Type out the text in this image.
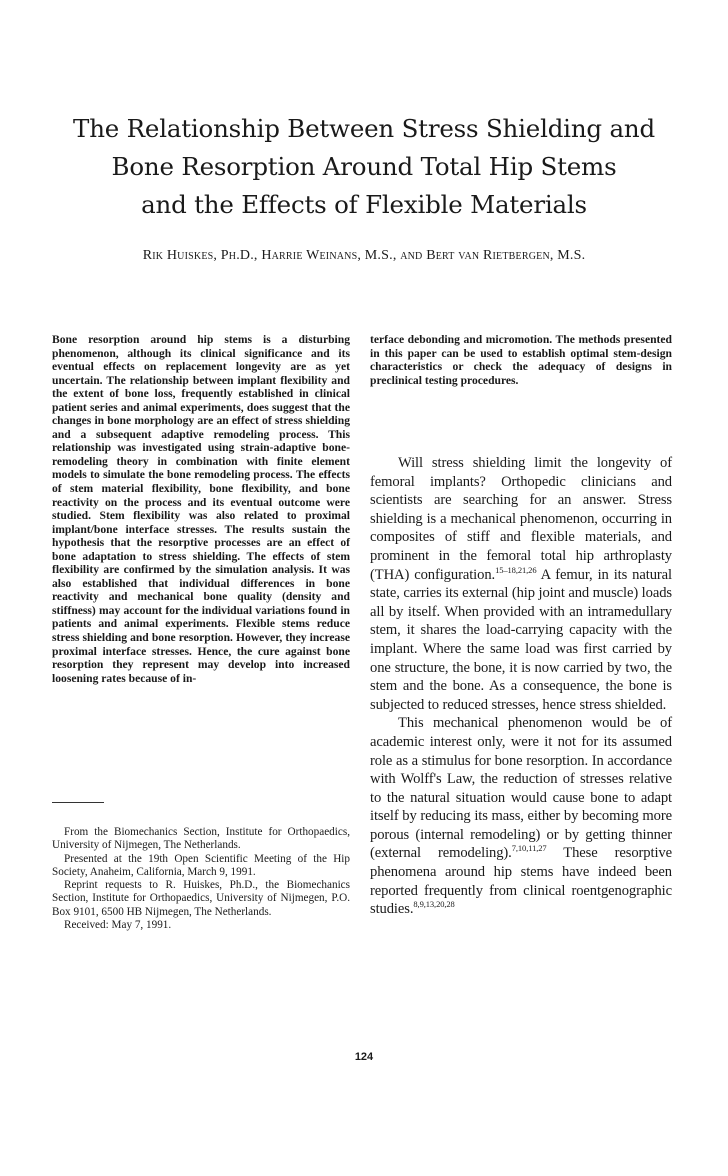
The Relationship Between Stress Shielding and
Bone Resorption Around Total Hip Stems
and the Effects of Flexible Materials
Rik Huiskes, Ph.D., Harrie Weinans, M.S., and Bert van Rietbergen, M.S.
Bone resorption around hip stems is a disturbing phenomenon, although its clinical significance and its eventual effects on replacement longevity are as yet uncertain. The relationship between implant flexibility and the extent of bone loss, frequently established in clinical patient series and animal experiments, does suggest that the changes in bone morphology are an effect of stress shielding and a subsequent adaptive remodeling process. This relationship was investigated using strain-adaptive bone-remodeling theory in combination with finite element models to simulate the bone remodeling process. The effects of stem material flexibility, bone flexibility, and bone reactivity on the process and its eventual outcome were studied. Stem flexibility was also related to proximal implant/bone interface stresses. The results sustain the hypothesis that the resorptive processes are an effect of bone adaptation to stress shielding. The effects of stem flexibility are confirmed by the simulation analysis. It was also established that individual differences in bone reactivity and mechanical bone quality (density and stiffness) may account for the individual variations found in patients and animal experiments. Flexible stems reduce stress shielding and bone resorption. However, they increase proximal interface stresses. Hence, the cure against bone resorption they represent may develop into increased loosening rates because of in-
terface debonding and micromotion. The methods presented in this paper can be used to establish optimal stem-design characteristics or check the adequacy of designs in preclinical testing procedures.

Will stress shielding limit the longevity of femoral implants? Orthopedic clinicians and scientists are searching for an answer. Stress shielding is a mechanical phenomenon, occurring in composites of stiff and flexible materials, and prominent in the femoral total hip arthroplasty (THA) configuration.$^{15-18,21,26}$ A femur, in its natural state, carries its external (hip joint and muscle) loads all by itself. When provided with an intramedullary stem, it shares the load-carrying capacity with the implant. Where the same load was first carried by one structure, the bone, it is now carried by two, the stem and the bone. As a consequence, the bone is subjected to reduced stresses, hence stress shielded.

This mechanical phenomenon would be of academic interest only, were it not for its assumed role as a stimulus for bone resorption. In accordance with Wolff's Law, the reduction of stresses relative to the natural situation would cause bone to adapt itself by reducing its mass, either by becoming more porous (internal remodeling) or by getting thinner (external remodeling).$^{7,10,11,27}$ These resorptive phenomena around hip stems have indeed been reported frequently from clinical roentgenographic studies.$^{8,9,13,20,28}$

From the Biomechanics Section, Institute for Orthopaedics, University of Nijmegen, The Netherlands.

Presented at the 19th Open Scientific Meeting of the Hip Society, Anaheim, California, March 9, 1991.

Reprint requests to R. Huiskes, Ph.D., the Biomechanics Section, Institute for Orthopaedics, University of Nijmegen, P.O. Box 9101, 6500 HB Nijmegen, The Netherlands.

Received: May 7, 1991.

124
